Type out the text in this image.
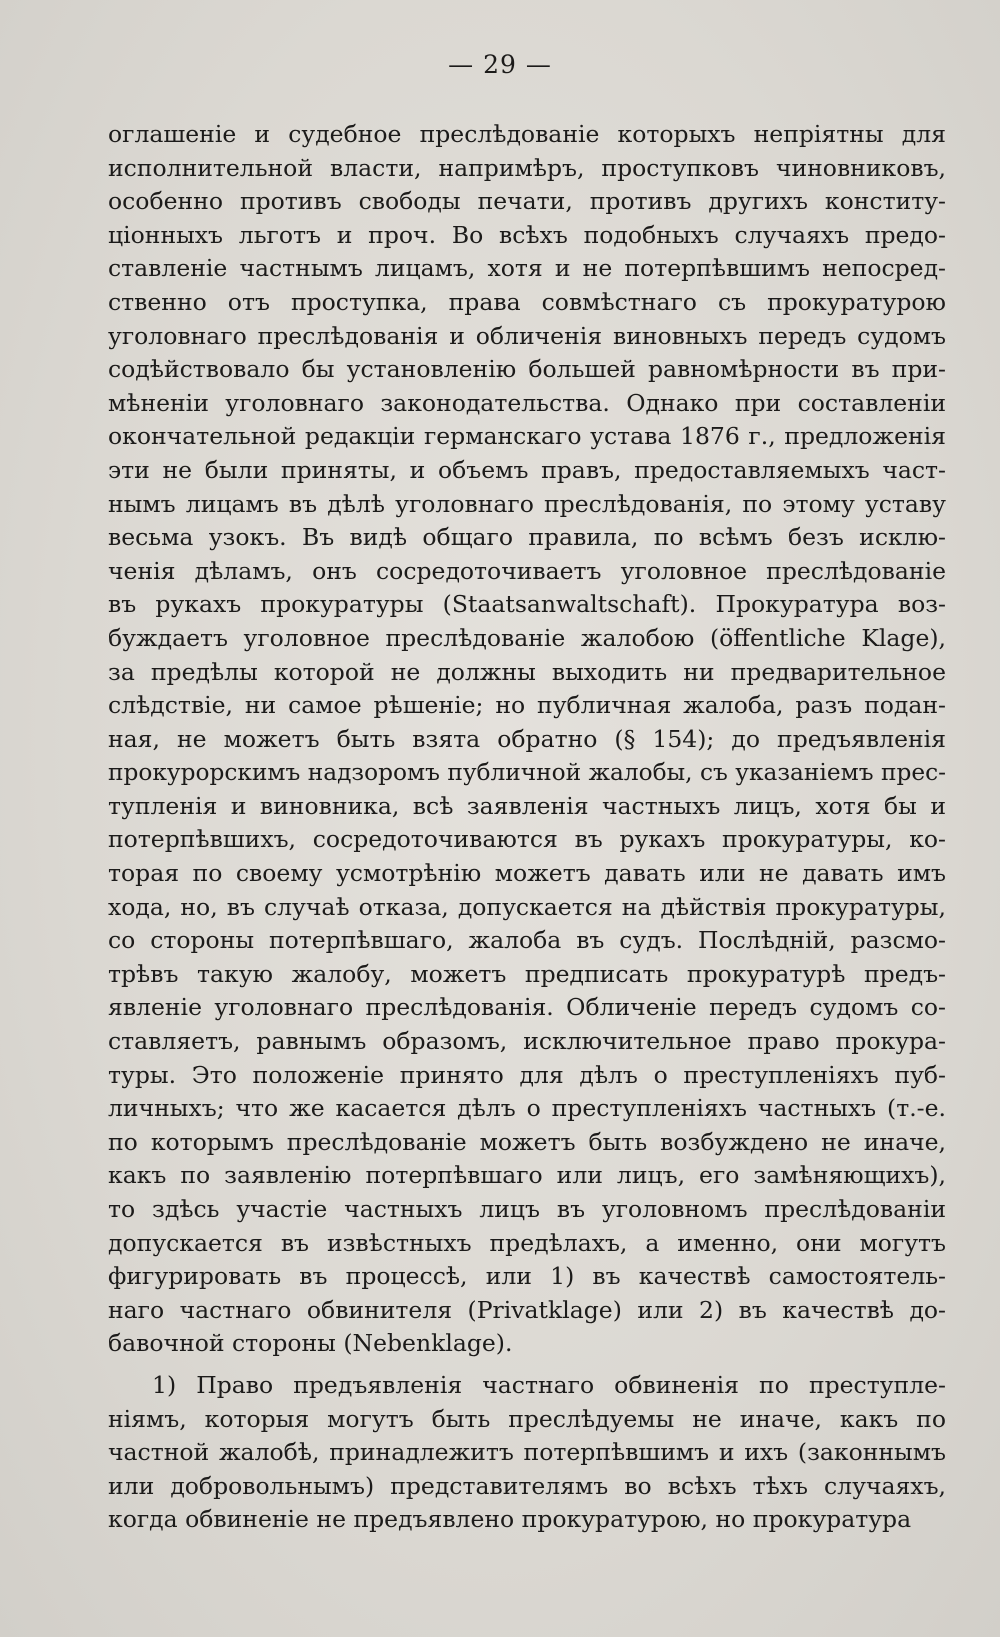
— 29 —
оглашеніе и судебное преслѣдованіе которыхъ непріятны для
исполнительной власти, напримѣръ, проступковъ чиновниковъ,
особенно противъ свободы печати, противъ другихъ конститу-
ціонныхъ льготъ и проч. Во всѣхъ подобныхъ случаяхъ предо-
ставленіе частнымъ лицамъ, хотя и не потерпѣвшимъ непосред-
ственно отъ проступка, права совмѣстнаго съ прокуратурою
уголовнаго преслѣдованія и обличенія виновныхъ передъ судомъ
содѣйствовало бы установленію большей равномѣрности въ при-
мѣненіи уголовнаго законодательства. Однако при составленіи
окончательной редакціи германскаго устава 1876 г., предложенія
эти не были приняты, и объемъ правъ, предоставляемыхъ част-
нымъ лицамъ въ дѣлѣ уголовнаго преслѣдованія, по этому уставу
весьма узокъ. Въ видѣ общаго правила, по всѣмъ безъ исклю-
ченія дѣламъ, онъ сосредоточиваетъ уголовное преслѣдованіе
въ рукахъ прокуратуры (Staatsanwaltschaft). Прокуратура воз-
буждаетъ уголовное преслѣдованіе жалобою (öffentliche Klage),
за предѣлы которой не должны выходить ни предварительное
слѣдствіе, ни самое рѣшеніе; но публичная жалоба, разъ подан-
ная, не можетъ быть взята обратно (§ 154); до предъявленія
прокурорскимъ надзоромъ публичной жалобы, съ указаніемъ прес-
тупленія и виновника, всѣ заявленія частныхъ лицъ, хотя бы и
потерпѣвшихъ, сосредоточиваются въ рукахъ прокуратуры, ко-
торая по своему усмотрѣнію можетъ давать или не давать имъ
хода, но, въ случаѣ отказа, допускается на дѣйствія прокуратуры,
со стороны потерпѣвшаго, жалоба въ судъ. Послѣдній, разсмо-
трѣвъ такую жалобу, можетъ предписать прокуратурѣ предъ-
явленіе уголовнаго преслѣдованія. Обличеніе передъ судомъ со-
ставляетъ, равнымъ образомъ, исключительное право прокура-
туры. Это положеніе принято для дѣлъ о преступленіяхъ пуб-
личныхъ; что же касается дѣлъ о преступленіяхъ частныхъ (т.-е.
по которымъ преслѣдованіе можетъ быть возбуждено не иначе,
какъ по заявленію потерпѣвшаго или лицъ, его замѣняющихъ),
то здѣсь участіе частныхъ лицъ въ уголовномъ преслѣдованіи
допускается въ извѣстныхъ предѣлахъ, а именно, они могутъ
фигурировать въ процессѣ, или 1) въ качествѣ самостоятель-
наго частнаго обвинителя (Privatklage) или 2) въ качествѣ до-
бавочной стороны (Nebenklage).
1) Право предъявленія частнаго обвиненія по преступле-
ніямъ, которыя могутъ быть преслѣдуемы не иначе, какъ по
частной жалобѣ, принадлежитъ потерпѣвшимъ и ихъ (законнымъ
или добровольнымъ) представителямъ во всѣхъ тѣхъ случаяхъ,
когда обвиненіе не предъявлено прокуратурою, но прокуратура
